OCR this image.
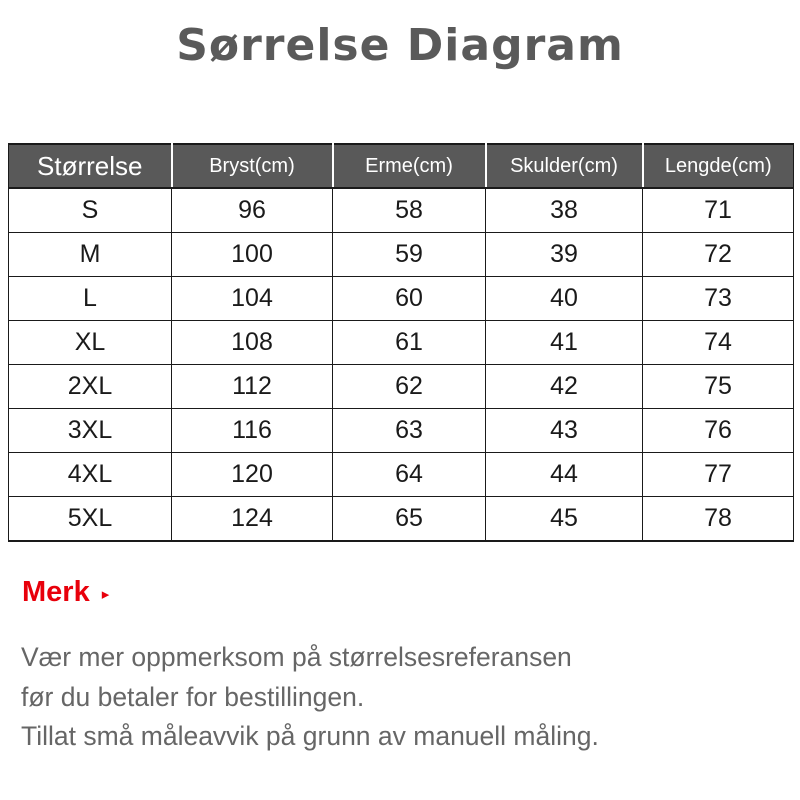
Sørrelse Diagram
Størrelse	Bryst(cm)	Erme(cm)	Skulder(cm)	Lengde(cm)
S	96	58	38	71
M	100	59	39	72
L	104	60	40	73
XL	108	61	41	74
2XL	112	62	42	75
3XL	116	63	43	76
4XL	120	64	44	77
5XL	124	65	45	78
Merk ▸
Vær mer oppmerksom på størrelsesreferansen
før du betaler for bestillingen.
Tillat små måleavvik på grunn av manuell måling.
